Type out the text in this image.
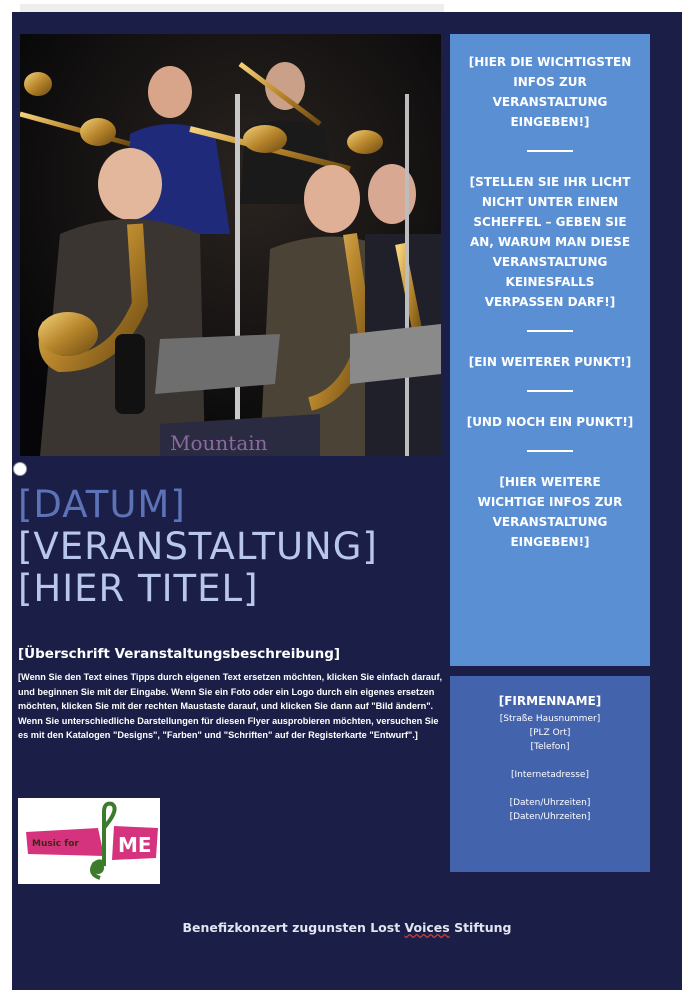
Mountain
[HIER DIE WICHTIGSTEN INFOS ZUR VERANSTALTUNG EINGEBEN!]
[STELLEN SIE IHR LICHT NICHT UNTER EINEN SCHEFFEL – GEBEN SIE AN, WARUM MAN DIESE VERANSTALTUNG KEINESFALLS VERPASSEN DARF!]
[EIN WEITERER PUNKT!]
[UND NOCH EIN PUNKT!]
[HIER WEITERE WICHTIGE INFOS ZUR VERANSTALTUNG EINGEBEN!]
[FIRMENNAME]
[Straße Hausnummer]
[PLZ Ort]
[Telefon]
[Internetadresse]
[Daten/Uhrzeiten]
[Daten/Uhrzeiten]
[DATUM]
[VERANSTALTUNG]
[HIER TITEL]
[Überschrift Veranstaltungsbeschreibung]
[Wenn Sie den Text eines Tipps durch eigenen Text ersetzen möchten, klicken Sie einfach darauf, und beginnen Sie mit der Eingabe. Wenn Sie ein Foto oder ein Logo durch ein eigenes ersetzen möchten, klicken Sie mit der rechten Maustaste darauf, und klicken Sie dann auf "Bild ändern". Wenn Sie unterschiedliche Darstellungen für diesen Flyer ausprobieren möchten, versuchen Sie es mit den Katalogen "Designs", "Farben" und "Schriften" auf der Registerkarte "Entwurf".]
Music for ME
Benefizkonzert zugunsten Lost Voices Stiftung
